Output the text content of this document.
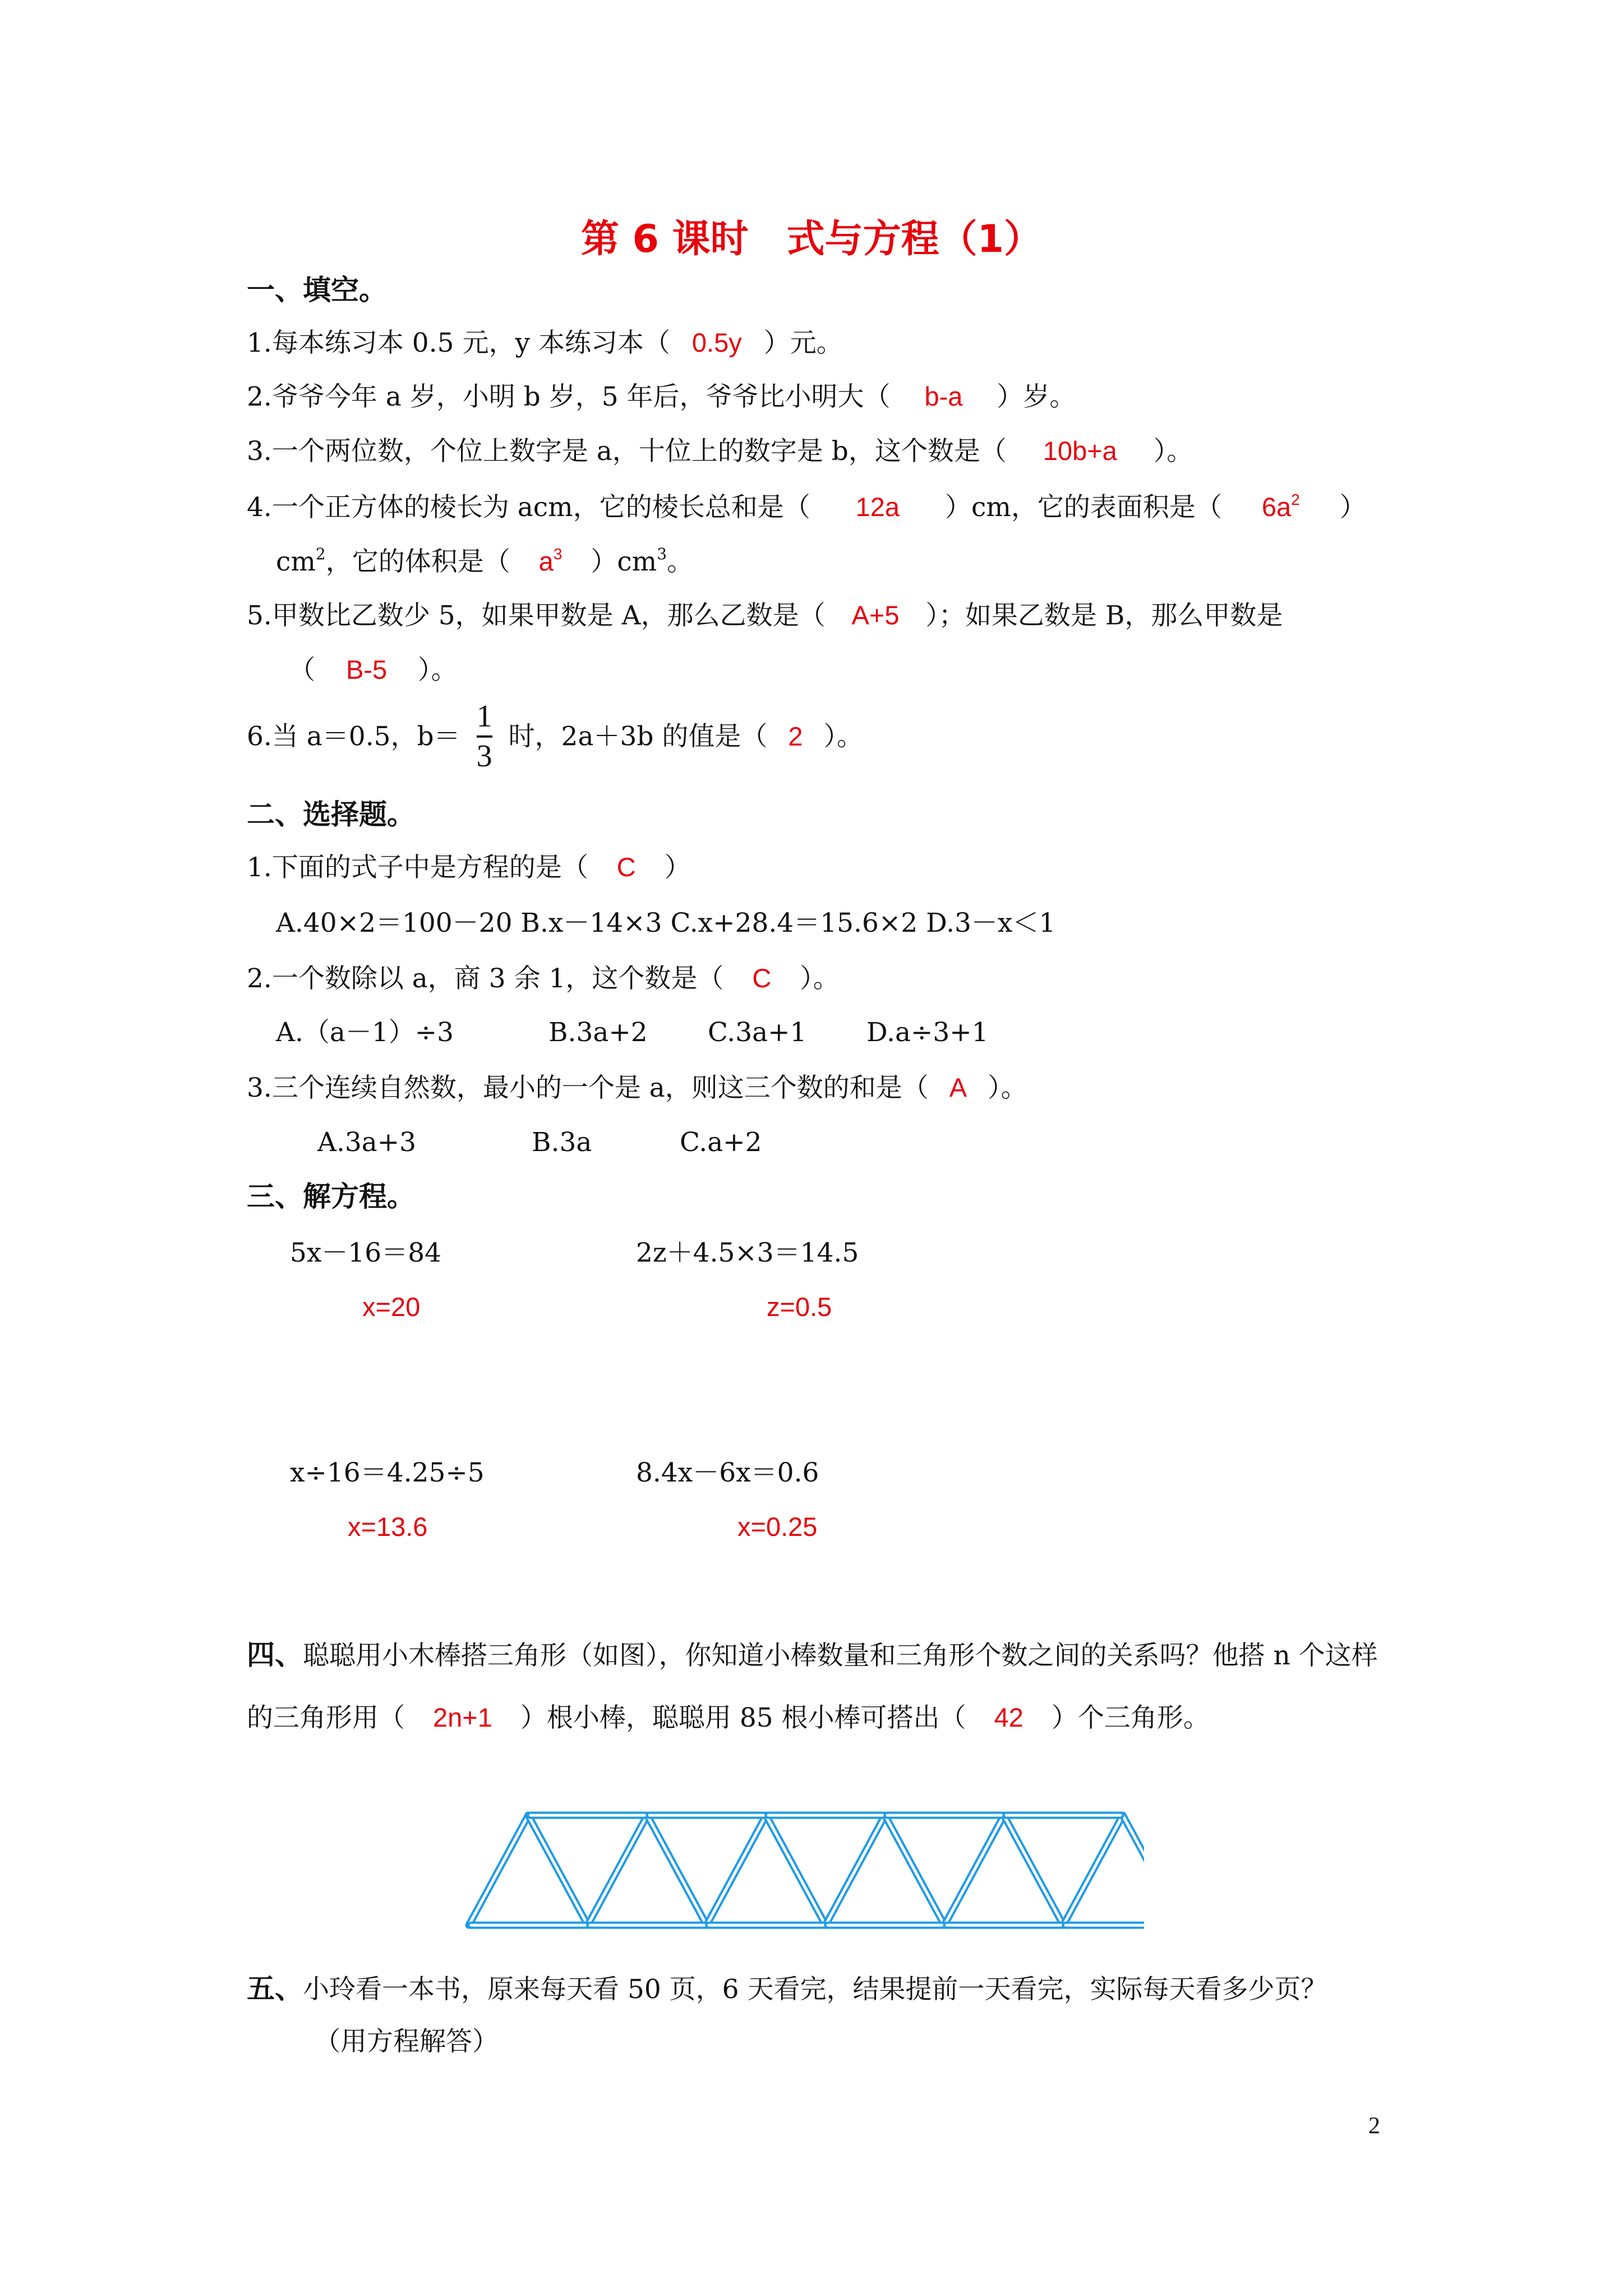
第 6 课时　式与方程（1）
一、填空。
1.每本练习本 0.5 元，y 本练习本（ 0.5y ）元。
2.爷爷今年 a 岁，小明 b 岁，5 年后，爷爷比小明大（ b-a ）岁。
3.一个两位数，个位上数字是 a，十位上的数字是 b，这个数是（ 10b+a ）。
4.一个正方体的棱长为 acm，它的棱长总和是（ 12a ）cm，它的表面积是（ $6a^2$ ）
$cm^2$，它的体积是（ $a^3$ ）$cm^3$。
5.甲数比乙数少 5，如果甲数是 A，那么乙数是（ A+5 ）；如果乙数是 B，那么甲数是
（ B-5 ）。
6.当 a＝0.5，$b= \frac{1}{3}$ 时，2a＋3b 的值是（ 2 ）。
二、选择题。
1.下面的式子中是方程的是（ C ）
A.40×2＝100－20 B.x－14×3 C.x+28.4＝15.6×2 D.3－x＜1
2.一个数除以 a，商 3 余 1，这个数是（ C ）。
A.（a－1）÷3	B.3a+2 C.3a+1 D.a÷3+1
3.三个连续自然数，最小的一个是 a，则这三个数的和是（ A ）。
A.3a+3	B.3a	C.a+2
三、解方程。
5x－16＝84
x=20
2z＋4.5×3＝14.5
z=0.5
x÷16＝4.25÷5
x=13.6
8.4x－6x＝0.6
x=0.25
四、聪聪用小木棒搭三角形（如图），你知道小棒数量和三角形个数之间的关系吗？他搭 n 个这样的三角形用（ 2n+1 ）根小棒，聪聪用 85 根小棒可搭出（ 42 ）个三角形。
五、小玲看一本书，原来每天看 50 页，6 天看完，结果提前一天看完，实际每天看多少页？
（用方程解答）
2
